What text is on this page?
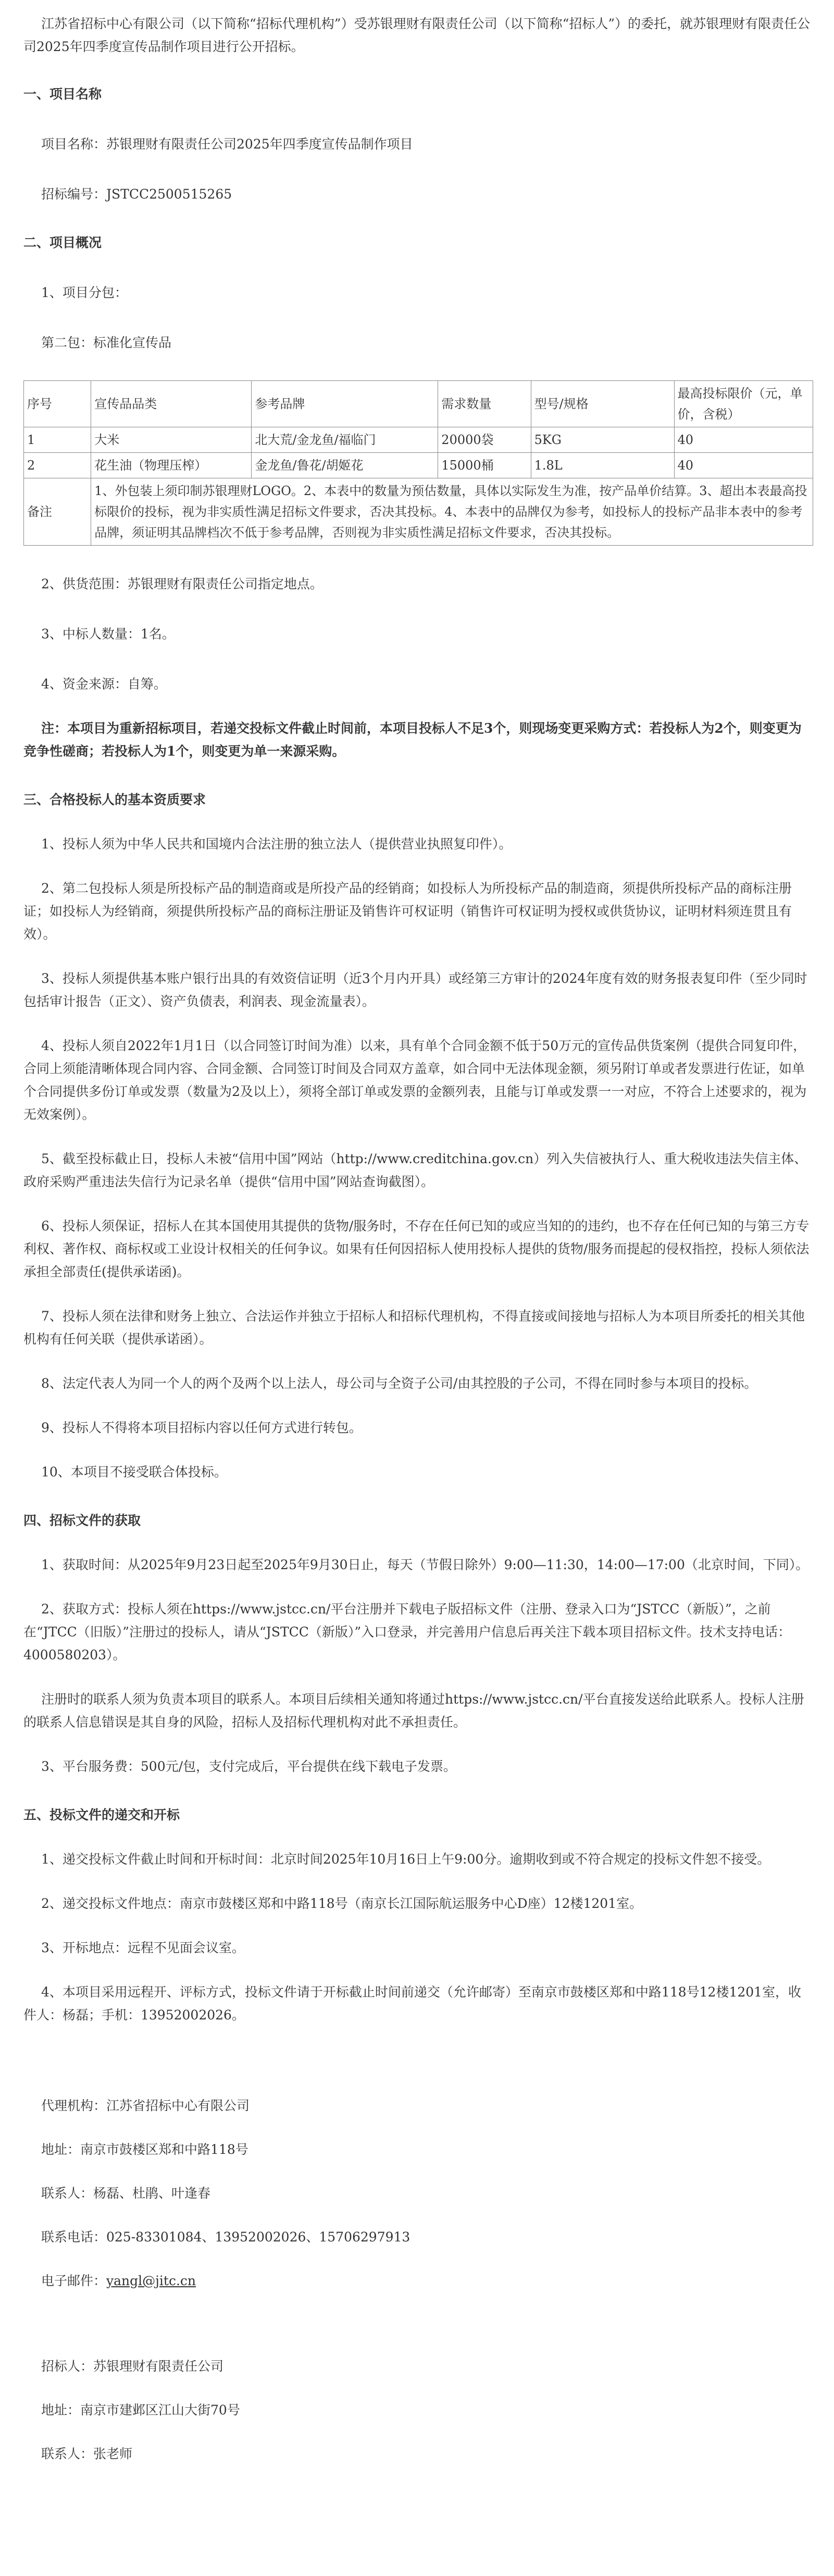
江苏省招标中心有限公司（以下简称“招标代理机构”）受苏银理财有限责任公司（以下简称“招标人”）的委托，就苏银理财有限责任公司2025年四季度宣传品制作项目进行公开招标。

一、项目名称

项目名称：苏银理财有限责任公司2025年四季度宣传品制作项目

招标编号：JSTCC2500515265

二、项目概况

1、项目分包：

第二包：标准化宣传品

序号	宣传品品类	参考品牌	需求数量	型号/规格	最高投标限价（元，单价，含税）
1	大米	北大荒/金龙鱼/福临门	20000袋	5KG	40
2	花生油（物理压榨）	金龙鱼/鲁花/胡姬花	15000桶	1.8L	40
备注	1、外包装上须印制苏银理财LOGO。2、本表中的数量为预估数量，具体以实际发生为准，按产品单价结算。3、超出本表最高投标限价的投标，视为非实质性满足招标文件要求，否决其投标。4、本表中的品牌仅为参考，如投标人的投标产品非本表中的参考品牌，须证明其品牌档次不低于参考品牌，否则视为非实质性满足招标文件要求，否决其投标。				

2、供货范围：苏银理财有限责任公司指定地点。

3、中标人数量：1名。

4、资金来源：自筹。

注：本项目为重新招标项目，若递交投标文件截止时间前，本项目投标人不足3个，则现场变更采购方式：若投标人为2个，则变更为竞争性磋商；若投标人为1个，则变更为单一来源采购。

三、合格投标人的基本资质要求

1、投标人须为中华人民共和国境内合法注册的独立法人（提供营业执照复印件）。

2、第二包投标人须是所投标产品的制造商或是所投产品的经销商；如投标人为所投标产品的制造商，须提供所投标产品的商标注册证；如投标人为经销商，须提供所投标产品的商标注册证及销售许可权证明（销售许可权证明为授权或供货协议，证明材料须连贯且有效）。

3、投标人须提供基本账户银行出具的有效资信证明（近3个月内开具）或经第三方审计的2024年度有效的财务报表复印件（至少同时包括审计报告（正文）、资产负债表，利润表、现金流量表）。

4、投标人须自2022年1月1日（以合同签订时间为准）以来，具有单个合同金额不低于50万元的宣传品供货案例（提供合同复印件，合同上须能清晰体现合同内容、合同金额、合同签订时间及合同双方盖章，如合同中无法体现金额，须另附订单或者发票进行佐证，如单个合同提供多份订单或发票（数量为2及以上），须将全部订单或发票的金额列表，且能与订单或发票一一对应，不符合上述要求的，视为无效案例）。

5、截至投标截止日，投标人未被“信用中国”网站（http://www.creditchina.gov.cn）列入失信被执行人、重大税收违法失信主体、政府采购严重违法失信行为记录名单（提供“信用中国”网站查询截图）。

6、投标人须保证，招标人在其本国使用其提供的货物/服务时，不存在任何已知的或应当知的的违约，也不存在任何已知的与第三方专利权、著作权、商标权或工业设计权相关的任何争议。如果有任何因招标人使用投标人提供的货物/服务而提起的侵权指控，投标人须依法承担全部责任(提供承诺函)。

7、投标人须在法律和财务上独立、合法运作并独立于招标人和招标代理机构，不得直接或间接地与招标人为本项目所委托的相关其他机构有任何关联（提供承诺函）。

8、法定代表人为同一个人的两个及两个以上法人，母公司与全资子公司/由其控股的子公司，不得在同时参与本项目的投标。

9、投标人不得将本项目招标内容以任何方式进行转包。

10、本项目不接受联合体投标。

四、招标文件的获取

1、获取时间：从2025年9月23日起至2025年9月30日止，每天（节假日除外）9:00—11:30，14:00—17:00（北京时间，下同）。

2、获取方式：投标人须在https://www.jstcc.cn/平台注册并下载电子版招标文件（注册、登录入口为“JSTCC（新版）”，之前在“JTCC（旧版）”注册过的投标人，请从“JSTCC（新版）”入口登录，并完善用户信息后再关注下载本项目招标文件。技术支持电话：4000580203）。

注册时的联系人须为负责本项目的联系人。本项目后续相关通知将通过https://www.jstcc.cn/平台直接发送给此联系人。投标人注册的联系人信息错误是其自身的风险，招标人及招标代理机构对此不承担责任。

3、平台服务费：500元/包，支付完成后，平台提供在线下载电子发票。

五、投标文件的递交和开标

1、递交投标文件截止时间和开标时间：北京时间2025年10月16日上午9:00分。逾期收到或不符合规定的投标文件恕不接受。

2、递交投标文件地点：南京市鼓楼区郑和中路118号（南京长江国际航运服务中心D座）12楼1201室。

3、开标地点：远程不见面会议室。

4、本项目采用远程开、评标方式，投标文件请于开标截止时间前递交（允许邮寄）至南京市鼓楼区郑和中路118号12楼1201室，收件人：杨磊；手机：13952002026。

代理机构：江苏省招标中心有限公司

地址：南京市鼓楼区郑和中路118号

联系人：杨磊、杜鹃、叶逢春

联系电话：025-83301084、13952002026、15706297913

电子邮件：yangl@jitc.cn

招标人：苏银理财有限责任公司

地址：南京市建邺区江山大街70号

联系人：张老师
